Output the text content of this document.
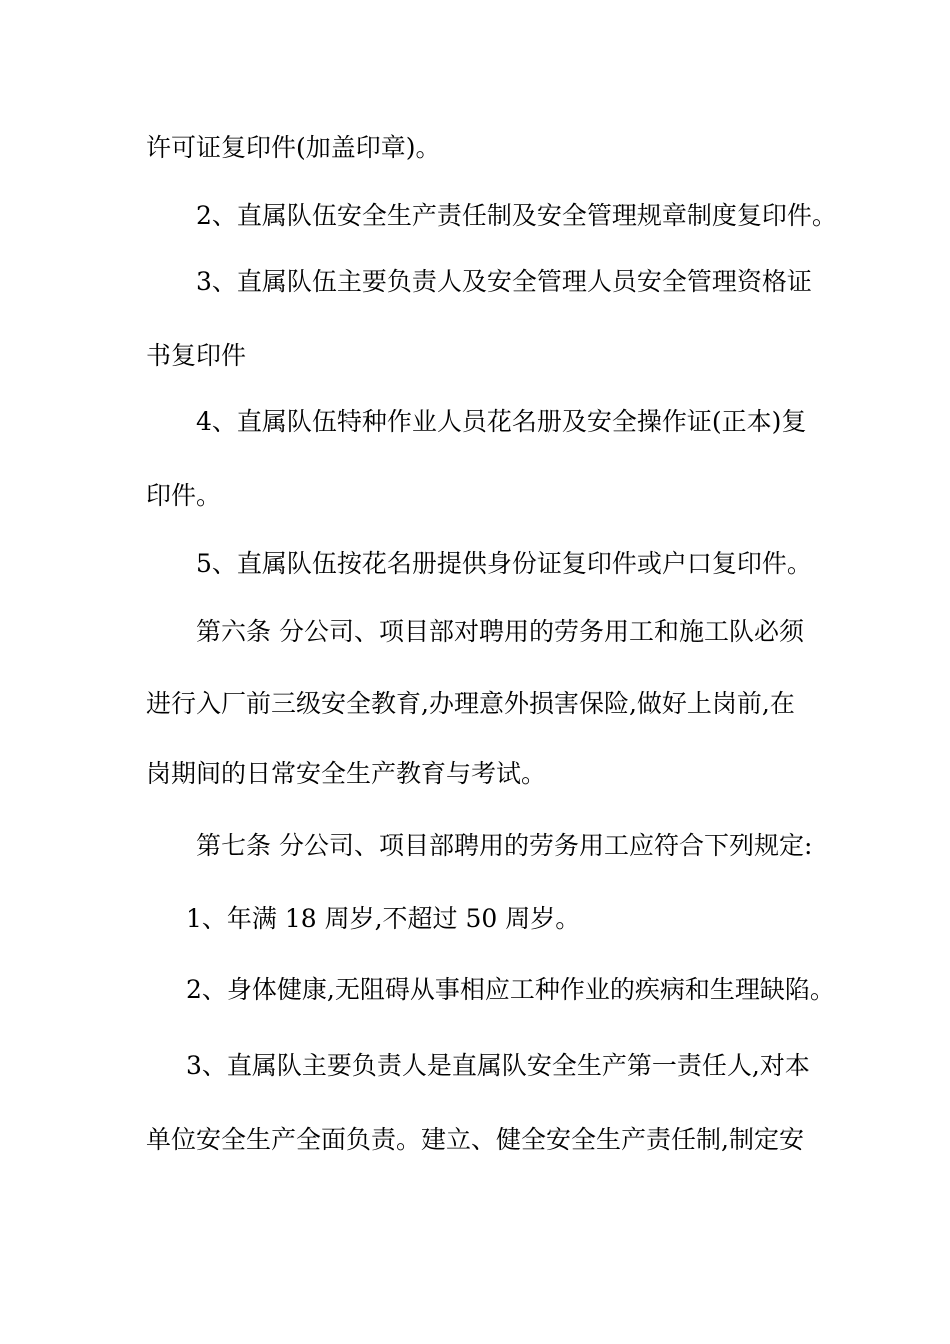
许可证复印件(加盖印章)。
2、直属队伍安全生产责任制及安全管理规章制度复印件。
3、直属队伍主要负责人及安全管理人员安全管理资格证
书复印件
4、直属队伍特种作业人员花名册及安全操作证(正本)复
印件。
5、直属队伍按花名册提供身份证复印件或户口复印件。
第六条 分公司、项目部对聘用的劳务用工和施工队必须
进行入厂前三级安全教育,办理意外损害保险,做好上岗前,在
岗期间的日常安全生产教育与考试。
第七条 分公司、项目部聘用的劳务用工应符合下列规定:
1、年满 18 周岁,不超过 50 周岁。
2、身体健康,无阻碍从事相应工种作业的疾病和生理缺陷。
3、直属队主要负责人是直属队安全生产第一责任人,对本
单位安全生产全面负责。建立、健全安全生产责任制,制定安
